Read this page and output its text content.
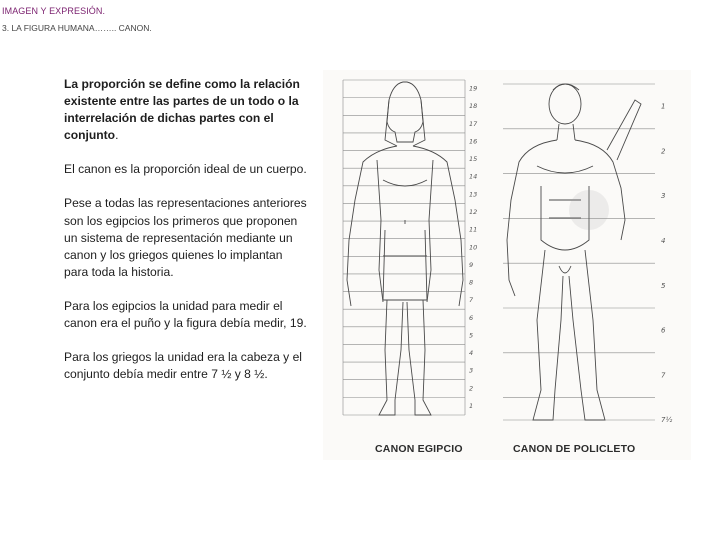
IMAGEN Y EXPRESIÓN.
3. LA FIGURA HUMANA…….. CANON.

La proporción se define como la relación existente entre las partes de un todo o la interrelación de dichas partes con el conjunto.

El canon es la proporción ideal de un cuerpo.

Pese a todas las representaciones anteriores son los egipcios los primeros que proponen un sistema de representación mediante un canon y los griegos quienes lo implantan para toda la historia.

Para los egipcios la unidad para medir el canon era el puño y la figura debía medir, 19.

Para los griegos la unidad era la cabeza y el conjunto debía medir entre 7 ½ y 8 ½.

19
18
17
16
15
14
13
12
11
10
9
8
7
6
5
4
3
2
1
1
2
3
4
5
6
7
7½
CANON EGIPCIO	CANON DE POLICLETO
